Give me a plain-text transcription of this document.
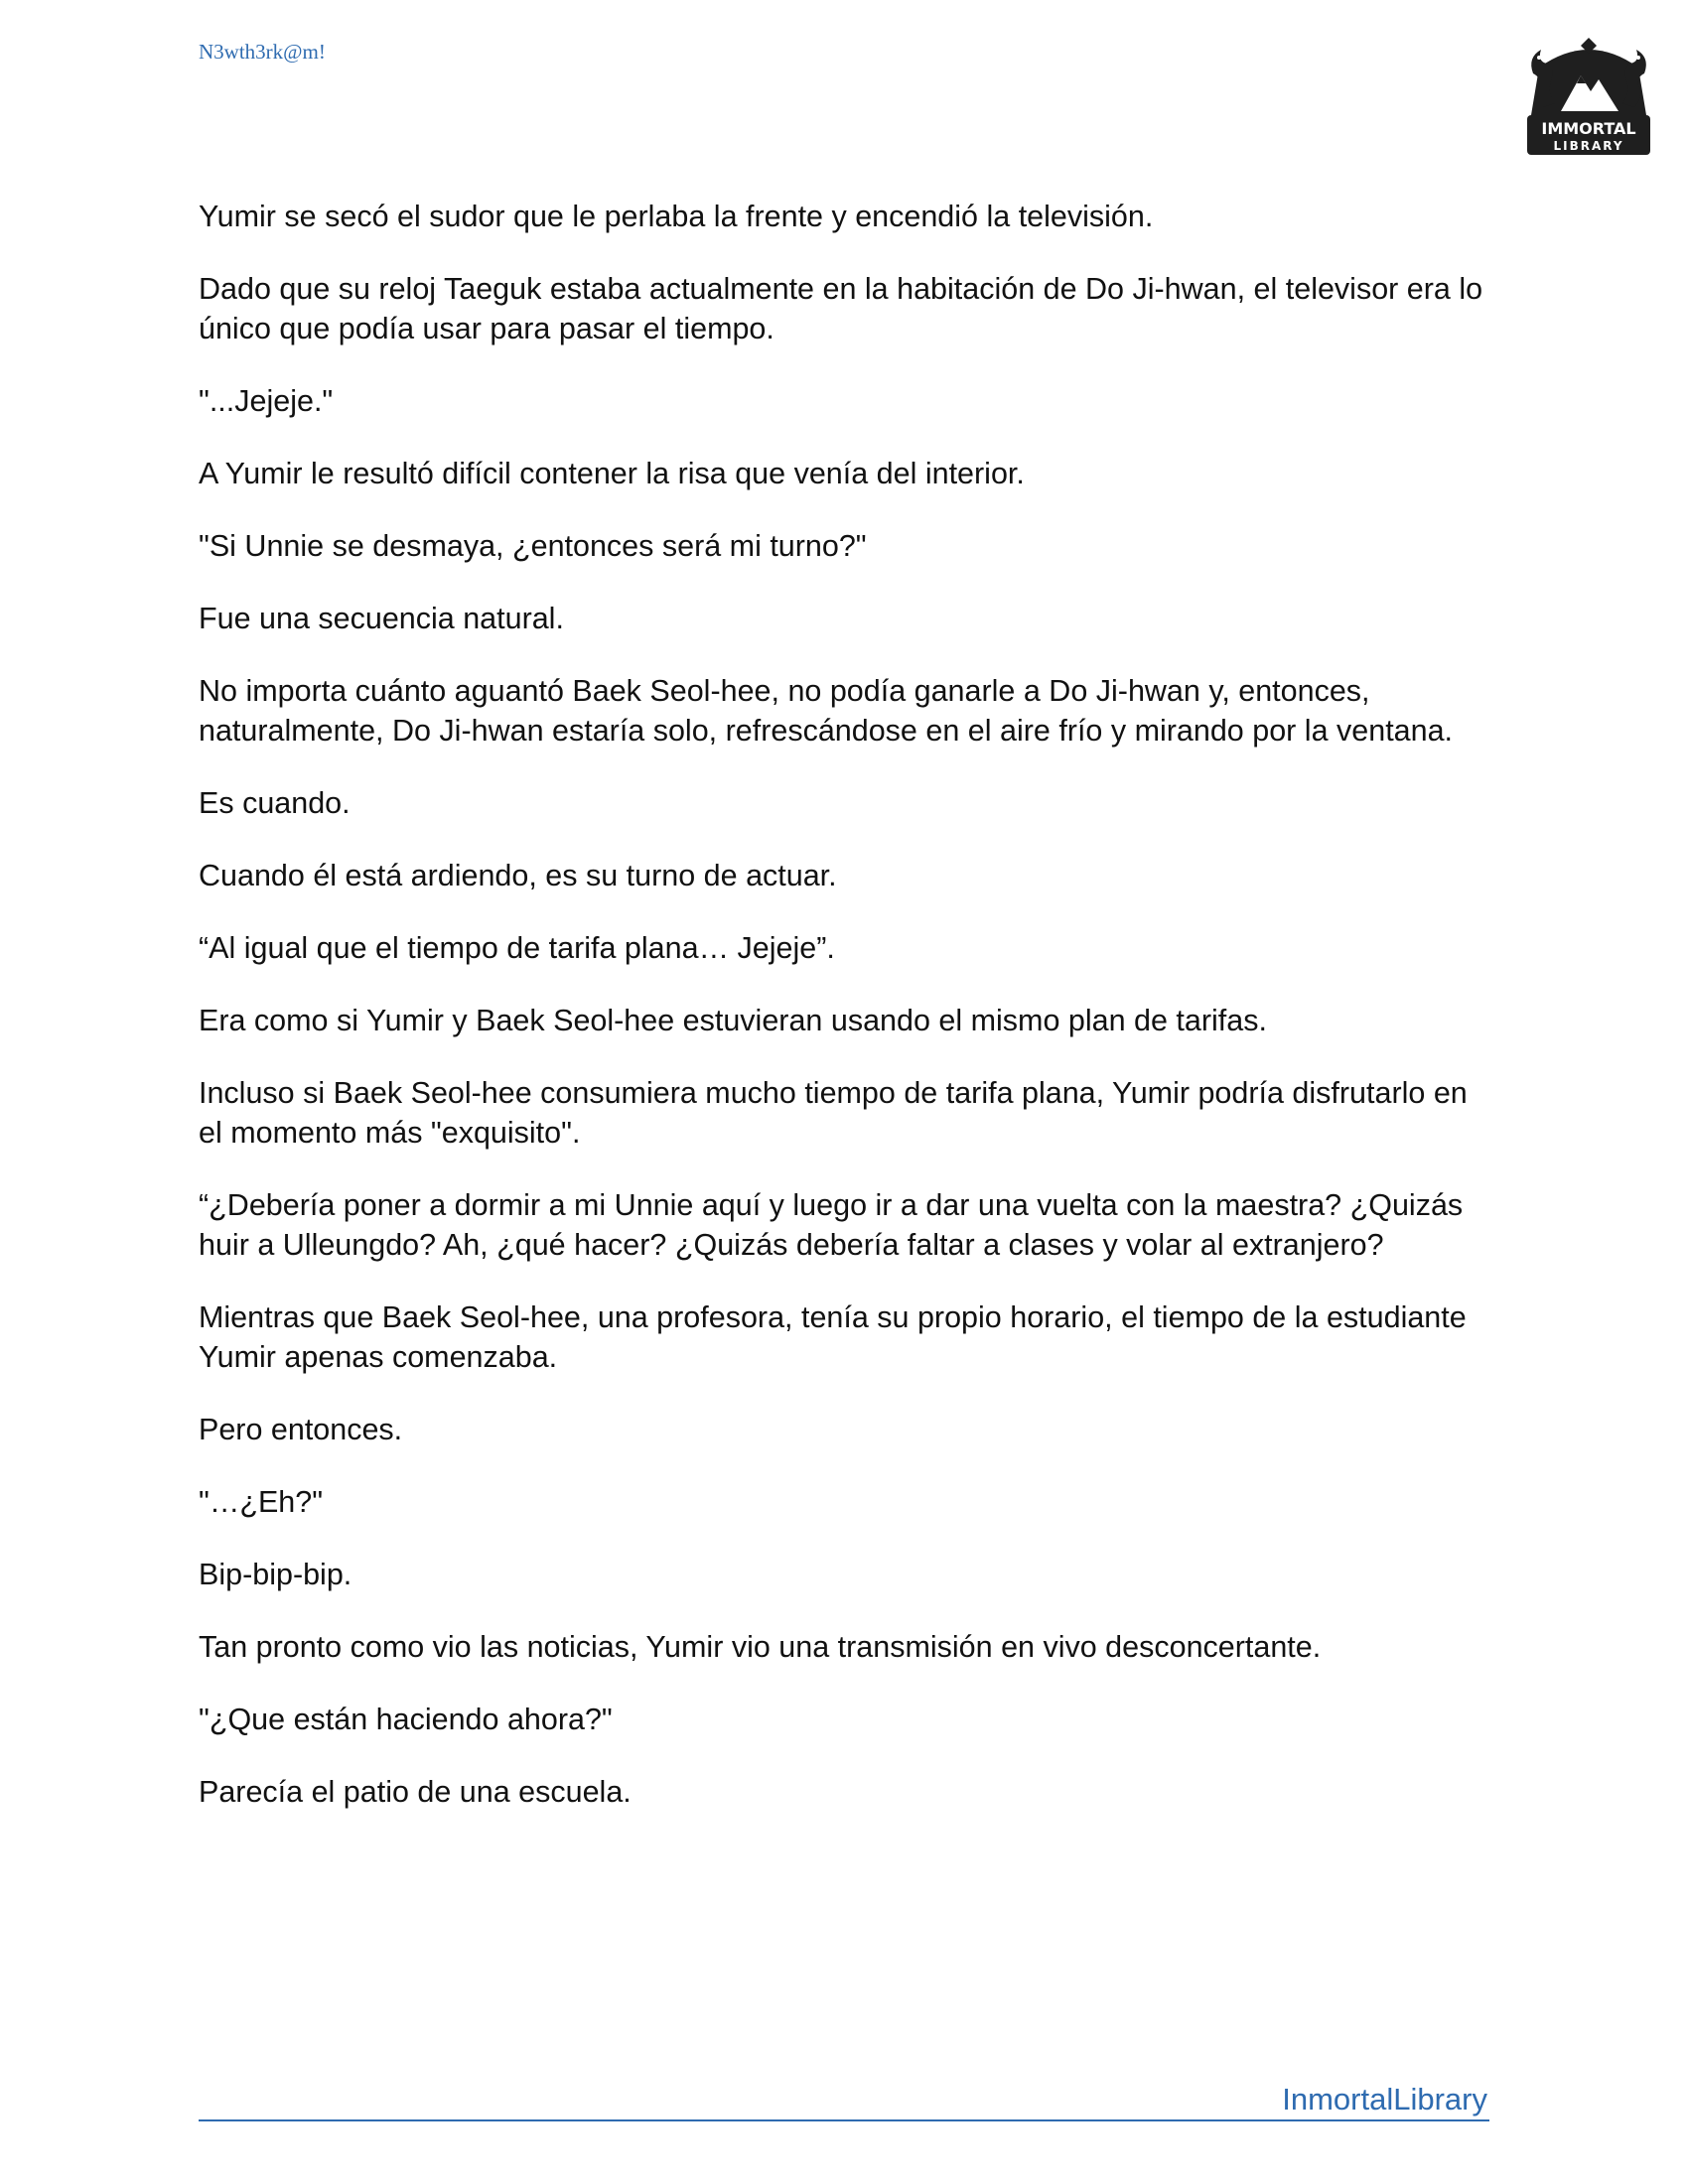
N3wth3rk@m!
IMMORTAL
LIBRARY

Yumir se secó el sudor que le perlaba la frente y encendió la televisión.

Dado que su reloj Taeguk estaba actualmente en la habitación de Do Ji-hwan, el televisor era lo único que podía usar para pasar el tiempo.

"...Jejeje."

A Yumir le resultó difícil contener la risa que venía del interior.

"Si Unnie se desmaya, ¿entonces será mi turno?"

Fue una secuencia natural.

No importa cuánto aguantó Baek Seol-hee, no podía ganarle a Do Ji-hwan y, entonces, naturalmente, Do Ji-hwan estaría solo, refrescándose en el aire frío y mirando por la ventana.

Es cuando.

Cuando él está ardiendo, es su turno de actuar.

“Al igual que el tiempo de tarifa plana… Jejeje”.

Era como si Yumir y Baek Seol-hee estuvieran usando el mismo plan de tarifas.

Incluso si Baek Seol-hee consumiera mucho tiempo de tarifa plana, Yumir podría disfrutarlo en el momento más "exquisito".

“¿Debería poner a dormir a mi Unnie aquí y luego ir a dar una vuelta con la maestra? ¿Quizás huir a Ulleungdo? Ah, ¿qué hacer? ¿Quizás debería faltar a clases y volar al extranjero?

Mientras que Baek Seol-hee, una profesora, tenía su propio horario, el tiempo de la estudiante Yumir apenas comenzaba.

Pero entonces.

"…¿Eh?"

Bip-bip-bip.

Tan pronto como vio las noticias, Yumir vio una transmisión en vivo desconcertante.

"¿Que están haciendo ahora?"

Parecía el patio de una escuela.

InmortalLibrary
